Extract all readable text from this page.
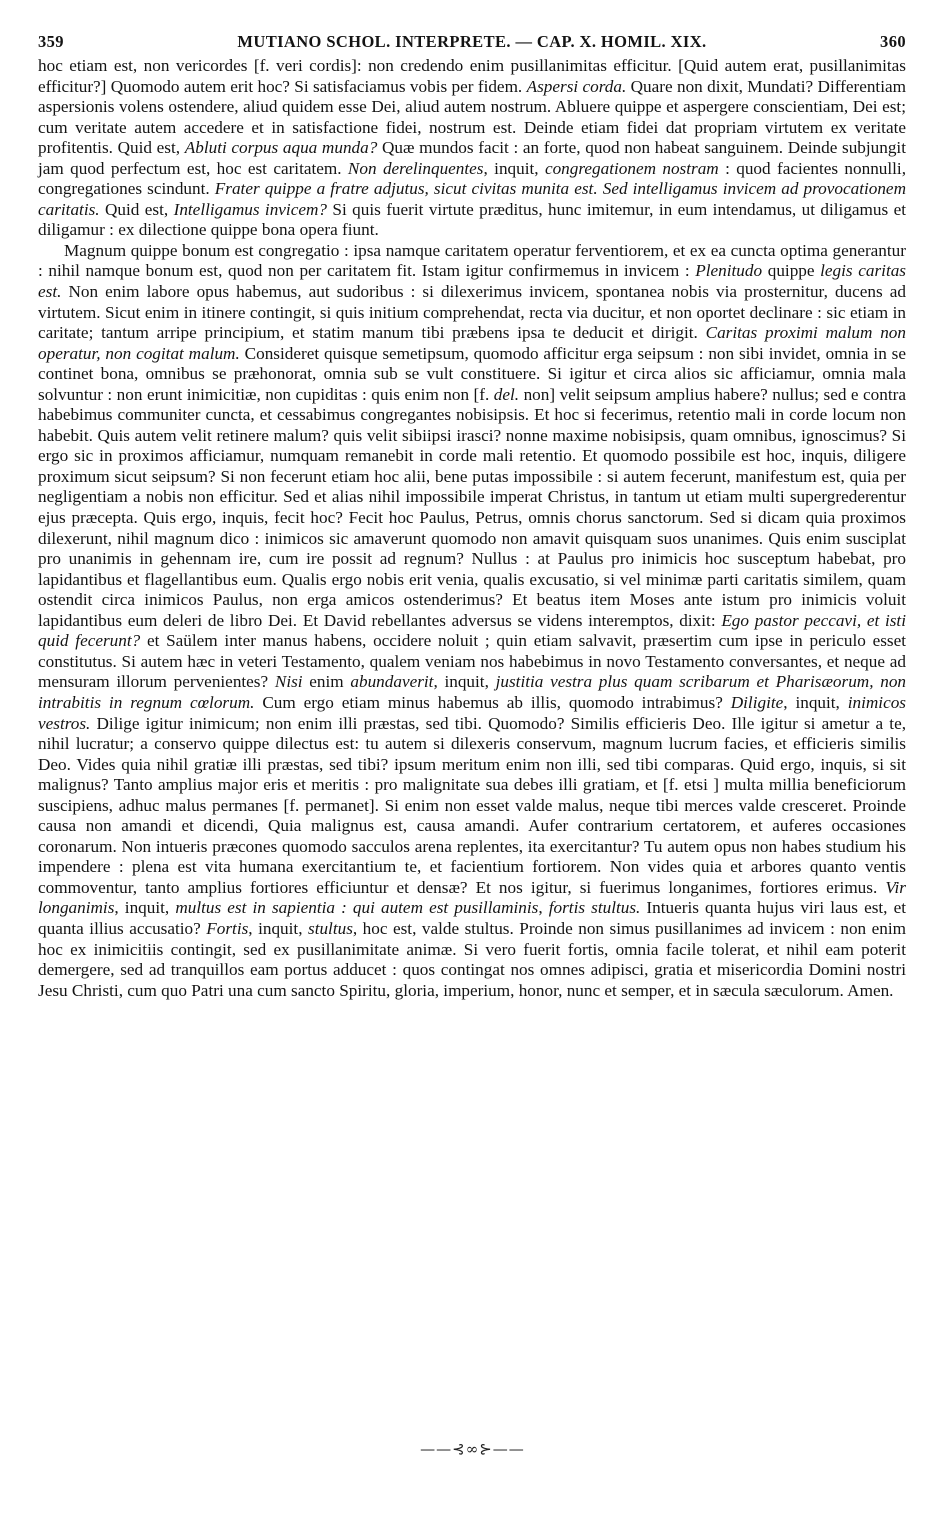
359	MUTIANO SCHOL. INTERPRETE. — CAP. X. HOMIL. XIX.	360

hoc etiam est, non vericordes [f. veri cordis]: non credendo enim pusillanimitas efficitur. [Quid autem erat, pusillanimitas efficitur?] Quomodo autem erit hoc? Si satisfaciamus vobis per fidem. Aspersi corda. Quare non dixit, Mundati? Differentiam aspersionis volens ostendere, aliud quidem esse Dei, aliud autem nostrum. Abluere quippe et aspergere conscientiam, Dei est; cum veritate autem accedere et in satisfactione fidei, nostrum est. Deinde etiam fidei dat propriam virtutem ex veritate profitentis. Quid est, Abluti corpus aqua munda? Quæ mundos facit : an forte, quod non habeat sanguinem. Deinde subjungit jam quod perfectum est, hoc est caritatem. Non derelinquentes, inquit, congregationem nostram : quod facientes nonnulli, congregationes scindunt. Frater quippe a fratre adjutus, sicut civitas munita est. Sed intelligamus invicem ad provocationem caritatis. Quid est, Intelligamus invicem? Si quis fuerit virtute præditus, hunc imitemur, in eum intendamus, ut diligamus et diligamur : ex dilectione quippe bona opera fiunt.

Magnum quippe bonum est congregatio : ipsa namque caritatem operatur ferventiorem, et ex ea cuncta optima generantur : nihil namque bonum est, quod non per caritatem fit. Istam igitur confirmemus in invicem : Plenitudo quippe legis caritas est. Non enim labore opus habemus, aut sudoribus : si dilexerimus invicem, spontanea nobis via prosternitur, ducens ad virtutem. Sicut enim in itinere contingit, si quis initium comprehendat, recta via ducitur, et non oportet declinare : sic etiam in caritate; tantum arripe principium, et statim manum tibi præbens ipsa te deducit et dirigit. Caritas proximi malum non operatur, non cogitat malum. Consideret quisque semetipsum, quomodo afficitur erga seipsum : non sibi invidet, omnia in se continet bona, omnibus se præhonorat, omnia sub se vult constituere. Si igitur et circa alios sic afficiamur, omnia mala solvuntur : non erunt inimicitiæ, non cupiditas : quis enim non [f. del. non] velit seipsum amplius habere? nullus; sed e contra habebimus communiter cuncta, et cessabimus congregantes nobisipsis. Et hoc si fecerimus, retentio mali in corde locum non habebit. Quis autem velit retinere malum? quis velit sibiipsi irasci? nonne maxime nobisipsis, quam omnibus, ignoscimus? Si ergo sic in proximos afficiamur, numquam remanebit in corde mali retentio. Et quomodo possibile est hoc, inquis, diligere proximum sicut seipsum? Si non fecerunt etiam hoc alii, bene putas impossibile : si autem fecerunt, manifestum est, quia per negligentiam a nobis non efficitur. Sed et alias nihil impossibile imperat Christus, in tantum ut etiam multi supergrederentur ejus præcepta. Quis ergo, inquis, fecit hoc? Fecit hoc Paulus, Petrus, omnis chorus sanctorum. Sed si dicam quia proximos dilexerunt, nihil magnum dico : inimicos sic amaverunt quomodo non amavit quisquam suos unanimes. Quis enim susciplat pro unanimis in gehennam ire, cum ire possit ad regnum? Nullus : at Paulus pro inimicis hoc susceptum habebat, pro lapidantibus et flagellantibus eum. Qualis ergo nobis erit venia, qualis excusatio, si vel minimæ parti caritatis similem, quam ostendit circa inimicos Paulus, non erga amicos ostenderimus? Et beatus item Moses ante istum pro inimicis voluit lapidantibus eum deleri de libro Dei. Et David rebellantes adversus se videns interemptos, dixit: Ego pastor peccavi, et isti quid fecerunt? et Saülem inter manus habens, occidere noluit ; quin etiam salvavit, præsertim cum ipse in periculo esset constitutus. Si autem hæc in veteri Testamento, qualem veniam nos habebimus in novo Testamento conversantes, et neque ad mensuram illorum pervenientes? Nisi enim abundaverit, inquit, justitia vestra plus quam scribarum et Pharisæorum, non intrabitis in regnum cœlorum. Cum ergo etiam minus habemus ab illis, quomodo intrabimus? Diligite, inquit, inimicos vestros. Dilige igitur inimicum; non enim illi præstas, sed tibi. Quomodo? Similis efficieris Deo. Ille igitur si ametur a te, nihil lucratur; a conservo quippe dilectus est: tu autem si dilexeris conservum, magnum lucrum facies, et efficieris similis Deo. Vides quia nihil gratiæ illi præstas, sed tibi? ipsum meritum enim non illi, sed tibi comparas. Quid ergo, inquis, si sit malignus? Tanto amplius major eris et meritis : pro malignitate sua debes illi gratiam, et [f. etsi ] multa millia beneficiorum suscipiens, adhuc malus permanes [f. permanet]. Si enim non esset valde malus, neque tibi merces valde cresceret. Proinde causa non amandi et dicendi, Quia malignus est, causa amandi. Aufer contrarium certatorem, et auferes occasiones coronarum. Non intueris præcones quomodo sacculos arena replentes, ita exercitantur? Tu autem opus non habes studium his impendere : plena est vita humana exercitantium te, et facientium fortiorem. Non vides quia et arbores quanto ventis commoventur, tanto amplius fortiores efficiuntur et densæ? Et nos igitur, si fuerimus longanimes, fortiores erimus. Vir longanimis, inquit, multus est in sapientia : qui autem est pusillaminis, fortis stultus. Intueris quanta hujus viri laus est, et quanta illius accusatio? Fortis, inquit, stultus, hoc est, valde stultus. Proinde non simus pusillanimes ad invicem : non enim hoc ex inimicitiis contingit, sed ex pusillanimitate animæ. Si vero fuerit fortis, omnia facile tolerat, et nihil eam poterit demergere, sed ad tranquillos eam portus adducet : quos contingat nos omnes adipisci, gratia et misericordia Domini nostri Jesu Christi, cum quo Patri una cum sancto Spiritu, gloria, imperium, honor, nunc et semper, et in sæcula sæculorum. Amen.

——⊰∞⊱——
